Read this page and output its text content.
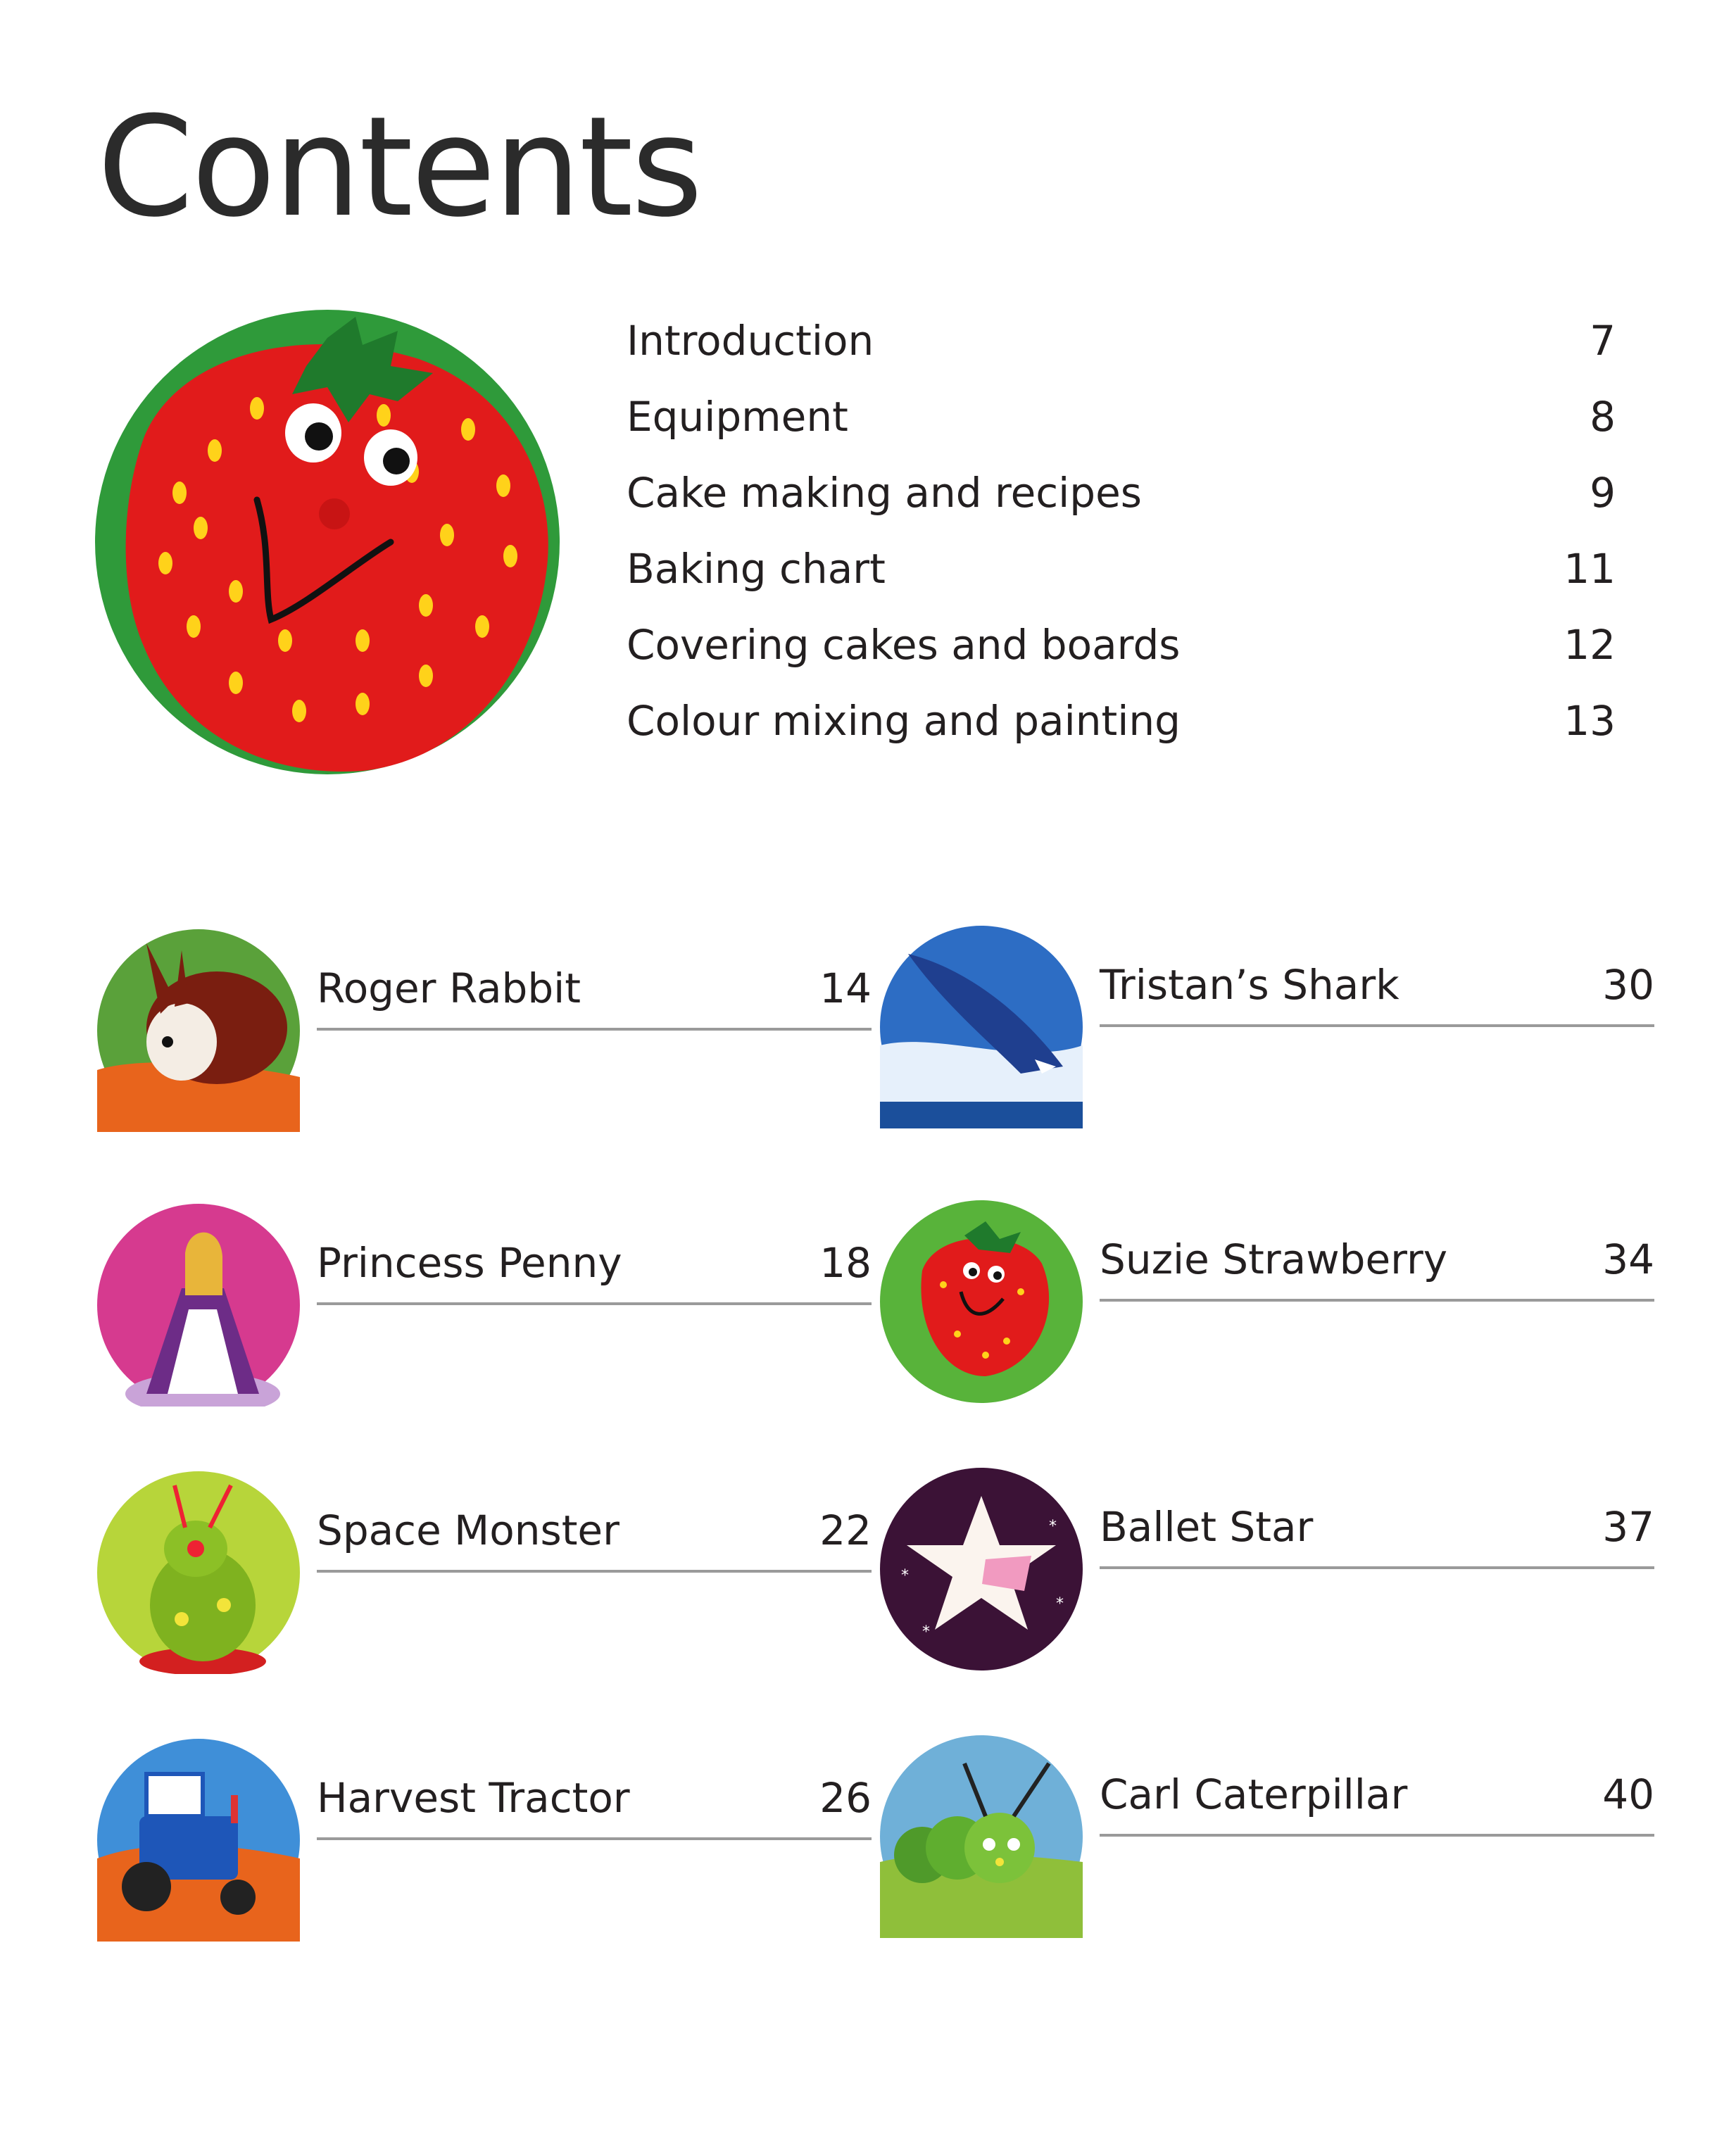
Contents
Introduction	7
Equipment	8
Cake making and recipes	9
Baking chart	11
Covering cakes and boards	12
Colour mixing and painting	13
Roger Rabbit	14
Princess Penny	18
Space Monster	22
Harvest Tractor	26
Tristan’s Shark	30
Suzie Strawberry	34
*
*
*
*
Ballet Star	37
Carl Caterpillar	40
